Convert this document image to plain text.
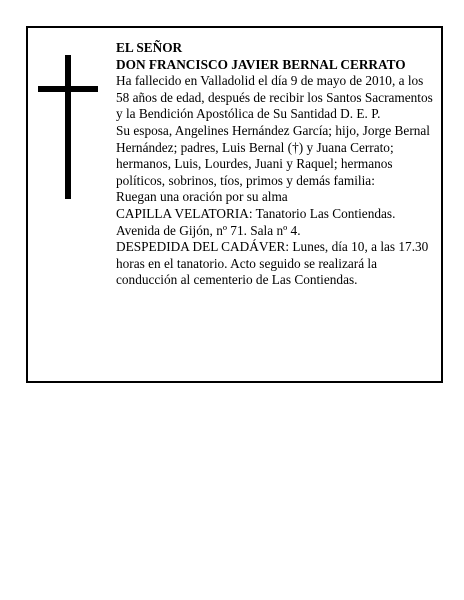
EL SEÑOR

DON FRANCISCO JAVIER BERNAL CERRATO

Ha fallecido en Valladolid el día 9 de mayo de 2010, a los 58 años de edad, después de recibir los Santos Sacramentos y la Bendición Apostólica de Su Santidad D. E. P.

Su esposa, Angelines Hernández García; hijo, Jorge Bernal Hernández; padres, Luis Bernal (†) y Juana Cerrato; hermanos, Luis, Lourdes, Juani y Raquel; hermanos políticos, sobrinos, tíos, primos y demás familia:

Ruegan una oración por su alma

CAPILLA VELATORIA: Tanatorio Las Contiendas. Avenida de Gijón, nº 71. Sala nº 4.

DESPEDIDA DEL CADÁVER: Lunes, día 10, a las 17.30 horas en el tanatorio. Acto seguido se realizará la conducción al cementerio de Las Contiendas.
